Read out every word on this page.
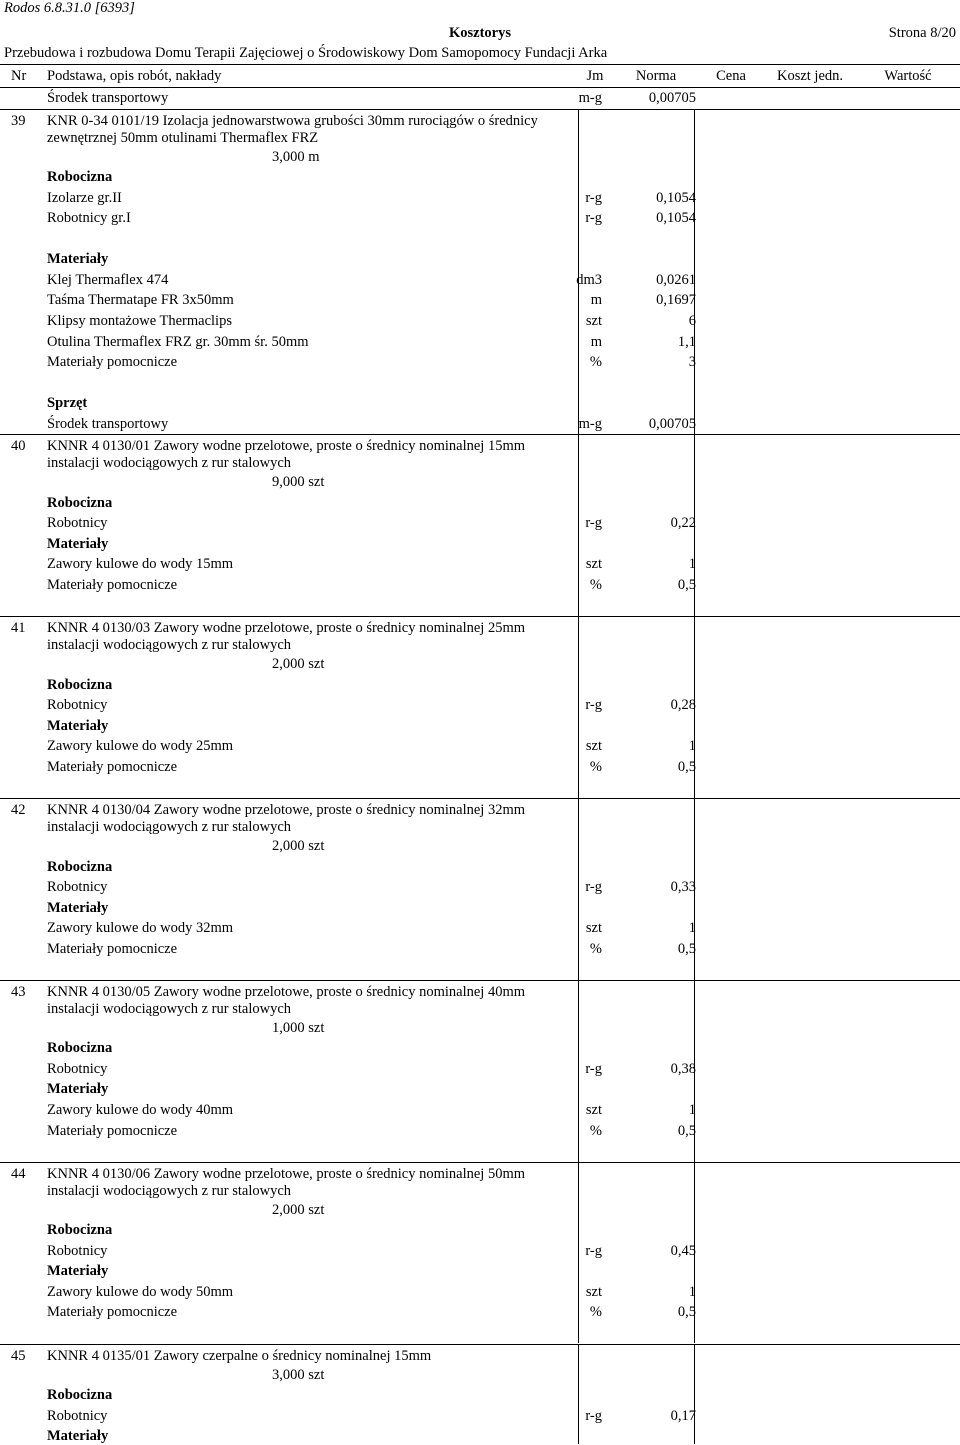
Rodos 6.8.31.0 [6393]
Kosztorys	Strona 8/20
Przebudowa i rozbudowa Domu Terapii Zajęciowej o Środowiskowy Dom Samopomocy Fundacji Arka
Nr Podstawa, opis robót, nakłady	Jm	Norma	Cena	Koszt jedn.	Wartość
Środek transportowy	m-g	0,00705
39 KNR 0-34 0101/19 Izolacja jednowarstwowa grubości 30mm rurociągów o średnicy
zewnętrznej 50mm otulinami Thermaflex FRZ
3,000 m
Robocizna
Izolarze gr.II	r-g	0,1054
Robotnicy gr.I	r-g	0,1054
Materiały
Klej Thermaflex 474	dm3	0,0261
Taśma Thermatape FR 3x50mm	m	0,1697
Klipsy montażowe Thermaclips	szt	6
Otulina Thermaflex FRZ gr. 30mm śr. 50mm	m	1,1
Materiały pomocnicze	%	3
Sprzęt
Środek transportowy	m-g	0,00705
40 KNNR 4 0130/01 Zawory wodne przelotowe, proste o średnicy nominalnej 15mm
instalacji wodociągowych z rur stalowych
9,000 szt
Robocizna
Robotnicy	r-g	0,22
Materiały
Zawory kulowe do wody 15mm	szt	1
Materiały pomocnicze	%	0,5
41 KNNR 4 0130/03 Zawory wodne przelotowe, proste o średnicy nominalnej 25mm
instalacji wodociągowych z rur stalowych
2,000 szt
Robocizna
Robotnicy	r-g	0,28
Materiały
Zawory kulowe do wody 25mm	szt	1
Materiały pomocnicze	%	0,5
42 KNNR 4 0130/04 Zawory wodne przelotowe, proste o średnicy nominalnej 32mm
instalacji wodociągowych z rur stalowych
2,000 szt
Robocizna
Robotnicy	r-g	0,33
Materiały
Zawory kulowe do wody 32mm	szt	1
Materiały pomocnicze	%	0,5
43 KNNR 4 0130/05 Zawory wodne przelotowe, proste o średnicy nominalnej 40mm
instalacji wodociągowych z rur stalowych
1,000 szt
Robocizna
Robotnicy	r-g	0,38
Materiały
Zawory kulowe do wody 40mm	szt	1
Materiały pomocnicze	%	0,5
44 KNNR 4 0130/06 Zawory wodne przelotowe, proste o średnicy nominalnej 50mm
instalacji wodociągowych z rur stalowych
2,000 szt
Robocizna
Robotnicy	r-g	0,45
Materiały
Zawory kulowe do wody 50mm	szt	1
Materiały pomocnicze	%	0,5
45 KNNR 4 0135/01 Zawory czerpalne o średnicy nominalnej 15mm
3,000 szt
Robocizna
Robotnicy	r-g	0,17
Materiały
